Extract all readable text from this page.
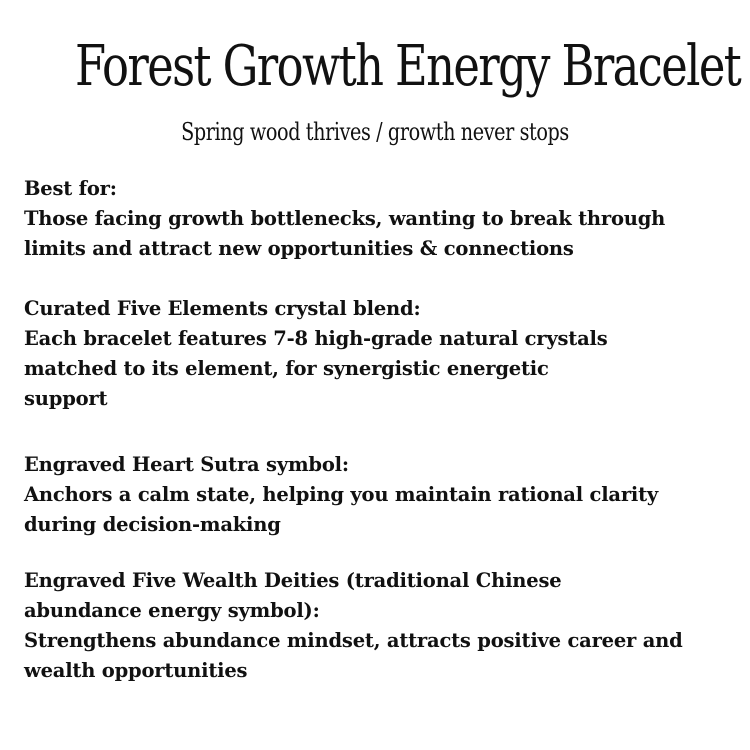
Forest Growth Energy Bracelet
Spring wood thrives / growth never stops
Best for:
Those facing growth bottlenecks, wanting to break through
limits and attract new opportunities & connections
Curated Five Elements crystal blend:
Each bracelet features 7-8 high-grade natural crystals
matched to its element, for synergistic energetic
support
Engraved Heart Sutra symbol:
Anchors a calm state, helping you maintain rational clarity
during decision-making
Engraved Five Wealth Deities (traditional Chinese
abundance energy symbol):
Strengthens abundance mindset, attracts positive career and
wealth opportunities
